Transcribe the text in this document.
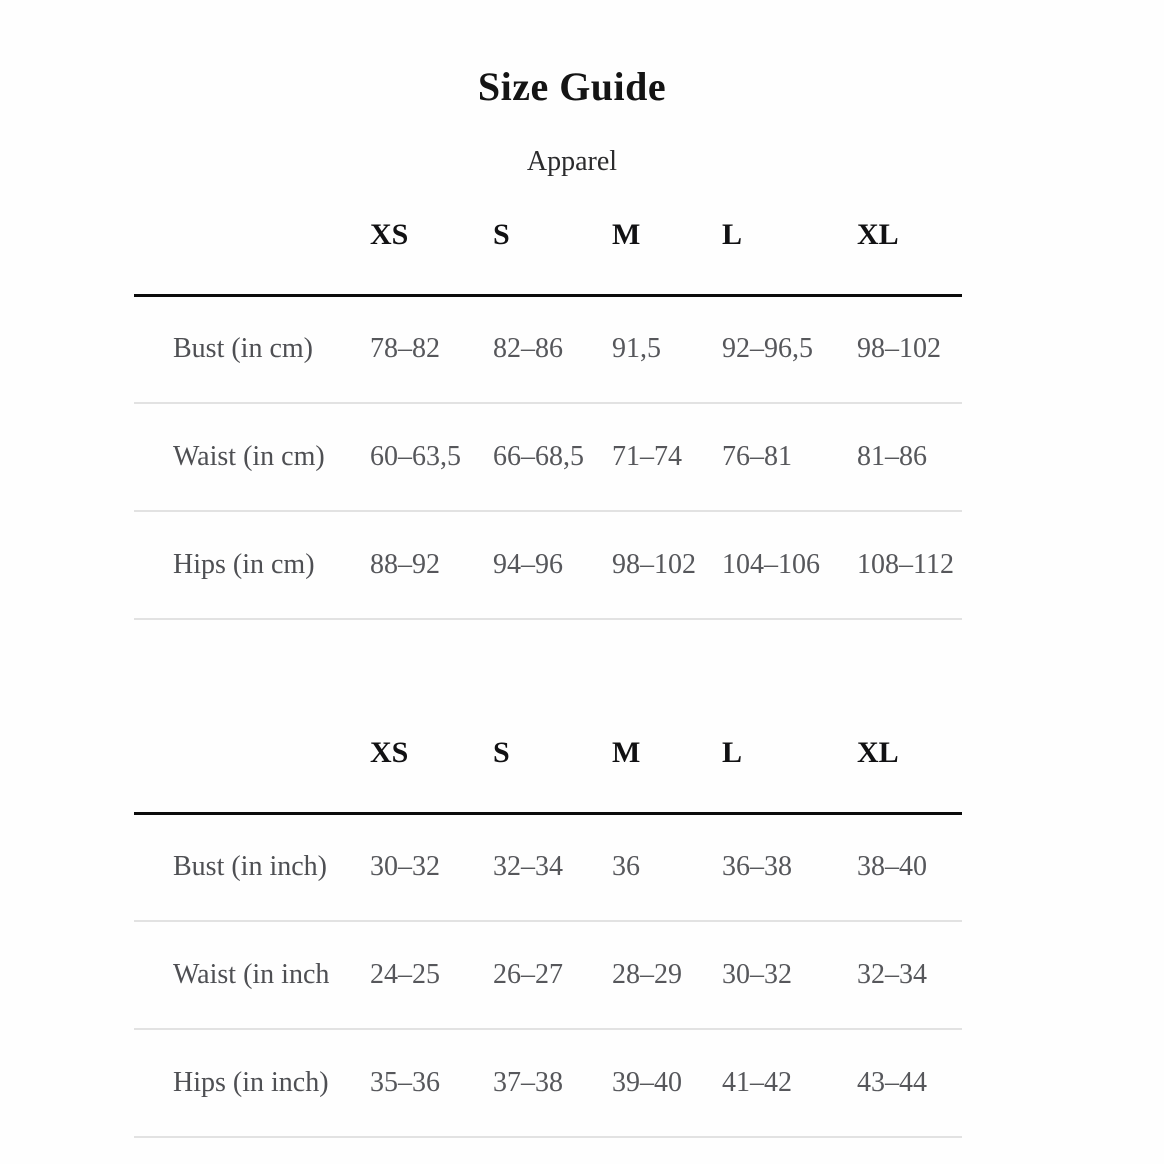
Size Guide

Apparel

	XS	S	M	L	XL
Bust (in cm)	78–82	82–86	91,5	92–96,5	98–102
Waist (in cm)	60–63,5	66–68,5	71–74	76–81	81–86
Hips (in cm)	88–92	94–96	98–102	104–106	108–112
	XS	S	M	L	XL
Bust (in inch)	30–32	32–34	36	36–38	38–40
Waist (in inch	24–25	26–27	28–29	30–32	32–34
Hips (in inch)	35–36	37–38	39–40	41–42	43–44
